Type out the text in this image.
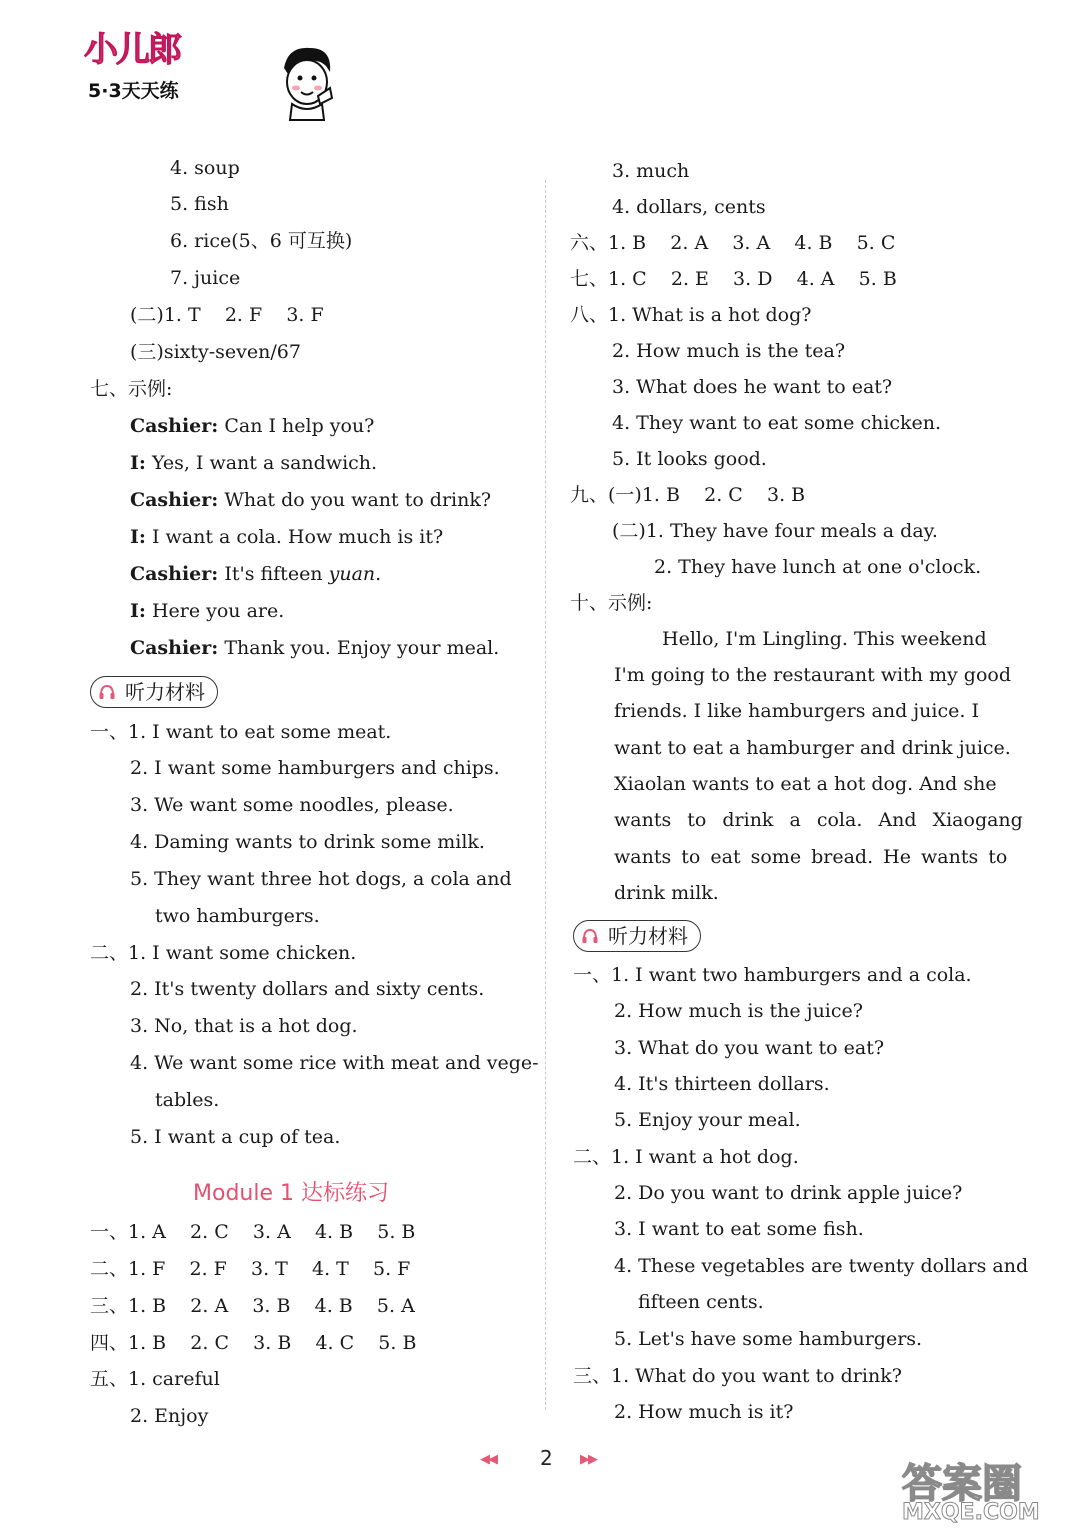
小儿郎
5·3天天练
4. soup
5. fish
6. rice(5、6 可互换)
7. juice
(二)1. T    2. F    3. F
(三)sixty-seven/67
七、示例:
Cashier: Can I help you?
I: Yes, I want a sandwich.
Cashier: What do you want to drink?
I: I want a cola. How much is it?
Cashier: It's fifteen yuan.
I: Here you are.
Cashier: Thank you. Enjoy your meal.
听力材料
一、1. I want to eat some meat.
2. I want some hamburgers and chips.
3. We want some noodles, please.
4. Daming wants to drink some milk.
5. They want three hot dogs, a cola and
two hamburgers.
二、1. I want some chicken.
2. It's twenty dollars and sixty cents.
3. No, that is a hot dog.
4. We want some rice with meat and vege-
tables.
5. I want a cup of tea.
Module 1 达标练习
一、1. A    2. C    3. A    4. B    5. B
二、1. F    2. F    3. T    4. T    5. F
三、1. B    2. A    3. B    4. B    5. A
四、1. B    2. C    3. B    4. C    5. B
五、1. careful
2. Enjoy
3. much
4. dollars, cents
六、1. B    2. A    3. A    4. B    5. C
七、1. C    2. E    3. D    4. A    5. B
八、1. What is a hot dog?
2. How much is the tea?
3. What does he want to eat?
4. They want to eat some chicken.
5. It looks good.
九、(一)1. B    2. C    3. B
(二)1. They have four meals a day.
2. They have lunch at one o'clock.
十、示例:
Hello, I'm Lingling. This weekend
I'm going to the restaurant with my good
friends. I like hamburgers and juice. I
want to eat a hamburger and drink juice.
Xiaolan wants to eat a hot dog. And she
wants to drink a cola. And Xiaogang
wants to eat some bread. He wants to
drink milk.
听力材料
一、1. I want two hamburgers and a cola.
2. How much is the juice?
3. What do you want to eat?
4. It's thirteen dollars.
5. Enjoy your meal.
二、1. I want a hot dog.
2. Do you want to drink apple juice?
3. I want to eat some fish.
4. These vegetables are twenty dollars and
fifteen cents.
5. Let's have some hamburgers.
三、1. What do you want to drink?
2. How much is it?
◀◀ 2 ▶▶
答案圈
MXQE.COM
